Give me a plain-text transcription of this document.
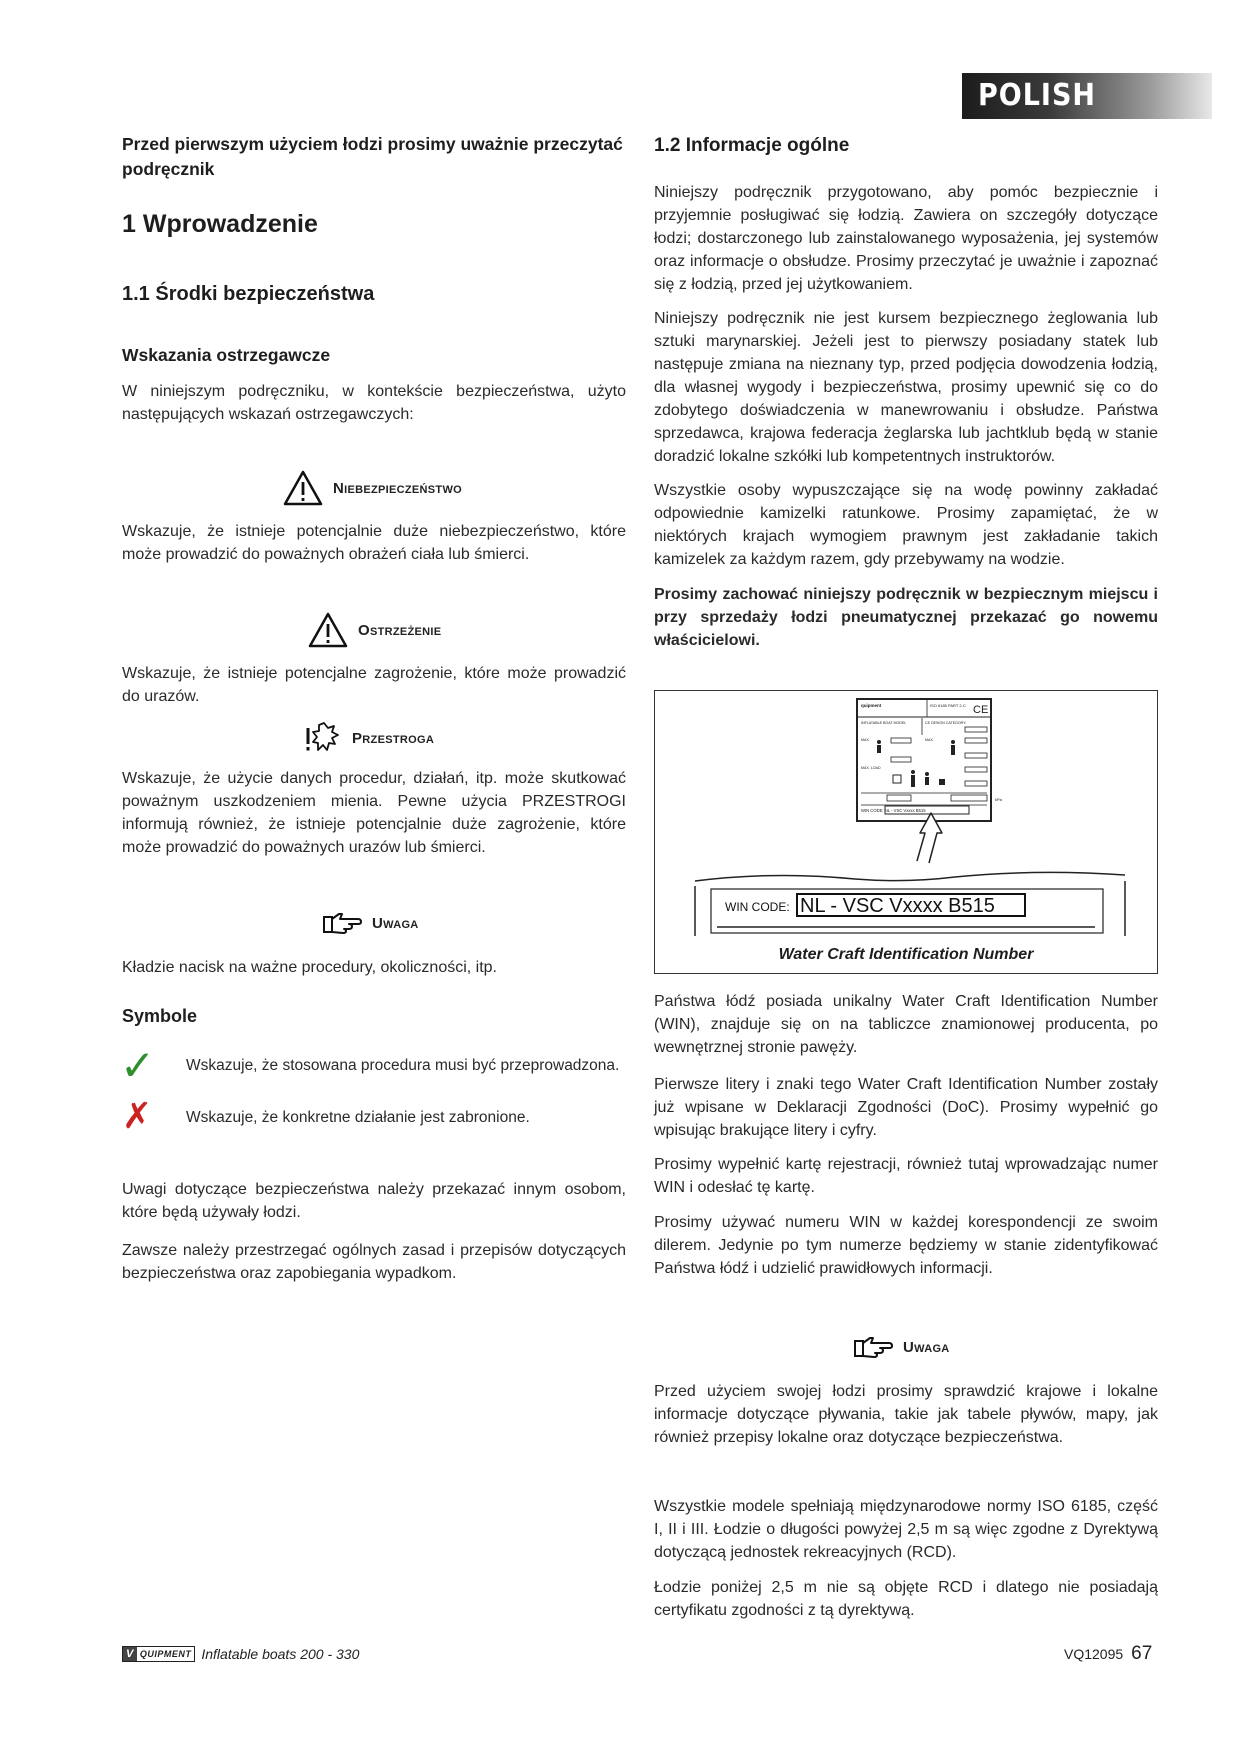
POLISH
Przed pierwszym użyciem łodzi prosimy uważnie przeczytać podręcznik
1 Wprowadzenie
1.1 Środki bezpieczeństwa
Wskazania ostrzegawcze

W niniejszym podręczniku, w kontekście bezpieczeństwa, użyto następujących wskazań ostrzegawczych:

Niebezpieczeństwo

Wskazuje, że istnieje potencjalnie duże niebezpieczeństwo, które może prowadzić do poważnych obrażeń ciała lub śmierci.

Ostrzeżenie

Wskazuje, że istnieje potencjalne zagrożenie, które może prowadzić do urazów.

Przestroga

Wskazuje, że użycie danych procedur, działań, itp. może skutkować poważnym uszkodzeniem mienia. Pewne użycia PRZESTROGI informują również, że istnieje potencjalnie duże zagrożenie, które może prowadzić do poważnych urazów lub śmierci.

Uwaga

Kładzie nacisk na ważne procedury, okoliczności, itp.

Symbole
✓ Wskazuje, że stosowana procedura musi być przeprowadzona.
✗ Wskazuje, że konkretne działanie jest zabronione.

Uwagi dotyczące bezpieczeństwa należy przekazać innym osobom, które będą używały łodzi.

Zawsze należy przestrzegać ogólnych zasad i przepisów dotyczących bezpieczeństwa oraz zapobiegania wypadkom.

1.2 Informacje ogólne

Niniejszy podręcznik przygotowano, aby pomóc bezpiecznie i przyjemnie posługiwać się łodzią. Zawiera on szczegóły dotyczące łodzi; dostarczonego lub zainstalowanego wyposażenia, jej systemów oraz informacje o obsłudze. Prosimy przeczytać je uważnie i zapoznać się z łodzią, przed jej użytkowaniem.

Niniejszy podręcznik nie jest kursem bezpiecznego żeglowania lub sztuki marynarskiej. Jeżeli jest to pierwszy posiadany statek lub następuje zmiana na nieznany typ, przed podjęcia dowodzenia łodzią, dla własnej wygody i bezpieczeństwa, prosimy upewnić się co do zdobytego doświadczenia w manewrowaniu i obsłudze. Państwa sprzedawca, krajowa federacja żeglarska lub jachtklub będą w stanie doradzić lokalne szkółki lub kompetentnych instruktorów.

Wszystkie osoby wypuszczające się na wodę powinny zakładać odpowiednie kamizelki ratunkowe. Prosimy zapamiętać, że w niektórych krajach wymogiem prawnym jest zakładanie takich kamizelek za każdym razem, gdy przebywamy na wodzie.

Prosimy zachować niniejszy podręcznik w bezpiecznym miejscu i przy sprzedaży łodzi pneumatycznej przekazać go nowemu właścicielowi.

quipment	ISO 6185 PART 2-C CE
INFLATABLE BOAT MODEL	CE DESIGN CATEGORY:
MAX.	MAX.
MAX. LOAD
kPa
WIN CODE: NL - VSC Vxxxx B515
WIN CODE: NL - VSC Vxxxx B515
Water Craft Identification Number

Państwa łódź posiada unikalny Water Craft Identification Number (WIN), znajduje się on na tabliczce znamionowej producenta, po wewnętrznej stronie pawęży.

Pierwsze litery i znaki tego Water Craft Identification Number zostały już wpisane w Deklaracji Zgodności (DoC). Prosimy wypełnić go wpisując brakujące litery i cyfry.

Prosimy wypełnić kartę rejestracji, również tutaj wprowadzając numer WIN i odesłać tę kartę.

Prosimy używać numeru WIN w każdej korespondencji ze swoim dilerem. Jedynie po tym numerze będziemy w stanie zidentyfikować Państwa łódź i udzielić prawidłowych informacji.

Uwaga

Przed użyciem swojej łodzi prosimy sprawdzić krajowe i lokalne informacje dotyczące pływania, takie jak tabele pływów, mapy, jak również przepisy lokalne oraz dotyczące bezpieczeństwa.

Wszystkie modele spełniają międzynarodowe normy ISO 6185, część I, II i III. Łodzie o długości powyżej 2,5 m są więc zgodne z Dyrektywą dotyczącą jednostek rekreacyjnych (RCD).

Łodzie poniżej 2,5 m nie są objęte RCD i dlatego nie posiadają certyfikatu zgodności z tą dyrektywą.

V QUIPMENT Inflatable boats 200 - 330	VQ12095 67
